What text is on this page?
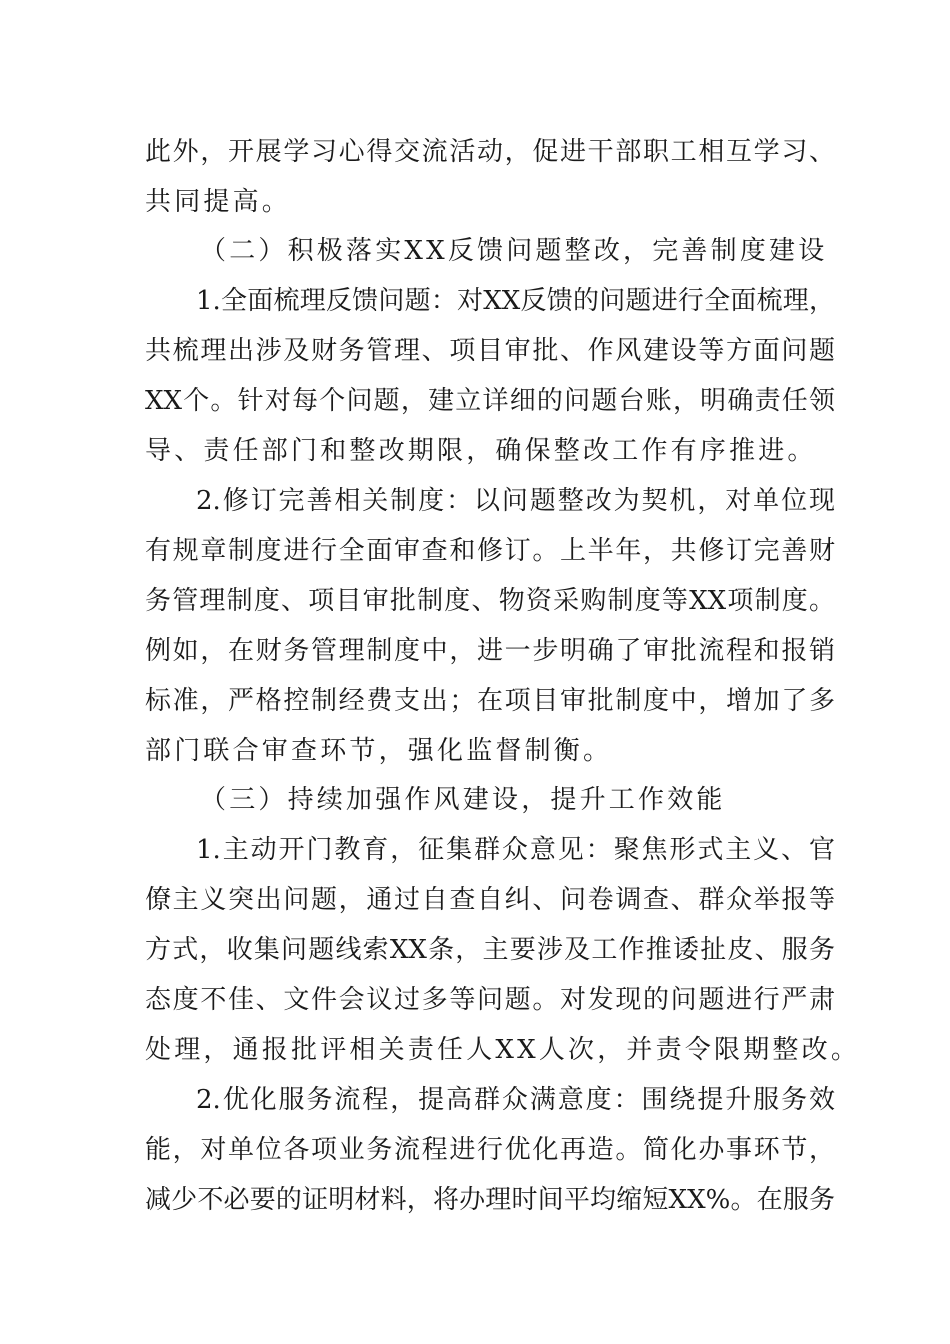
此外，开展学习心得交流活动，促进干部职工相互学习、
共同提高。
（二）积极落实XX反馈问题整改，完善制度建设
1.全面梳理反馈问题：对XX反馈的问题进行全面梳理，
共梳理出涉及财务管理、项目审批、作风建设等方面问题
XX个。针对每个问题，建立详细的问题台账，明确责任领
导、责任部门和整改期限，确保整改工作有序推进。
2.修订完善相关制度：以问题整改为契机，对单位现
有规章制度进行全面审查和修订。上半年，共修订完善财
务管理制度、项目审批制度、物资采购制度等XX项制度。
例如，在财务管理制度中，进一步明确了审批流程和报销
标准，严格控制经费支出；在项目审批制度中，增加了多
部门联合审查环节，强化监督制衡。
（三）持续加强作风建设，提升工作效能
1.主动开门教育，征集群众意见：聚焦形式主义、官
僚主义突出问题，通过自查自纠、问卷调查、群众举报等
方式，收集问题线索XX条，主要涉及工作推诿扯皮、服务
态度不佳、文件会议过多等问题。对发现的问题进行严肃
处理，通报批评相关责任人XX人次，并责令限期整改。
2.优化服务流程，提高群众满意度：围绕提升服务效
能，对单位各项业务流程进行优化再造。简化办事环节，
减少不必要的证明材料，将办理时间平均缩短XX%。在服务
